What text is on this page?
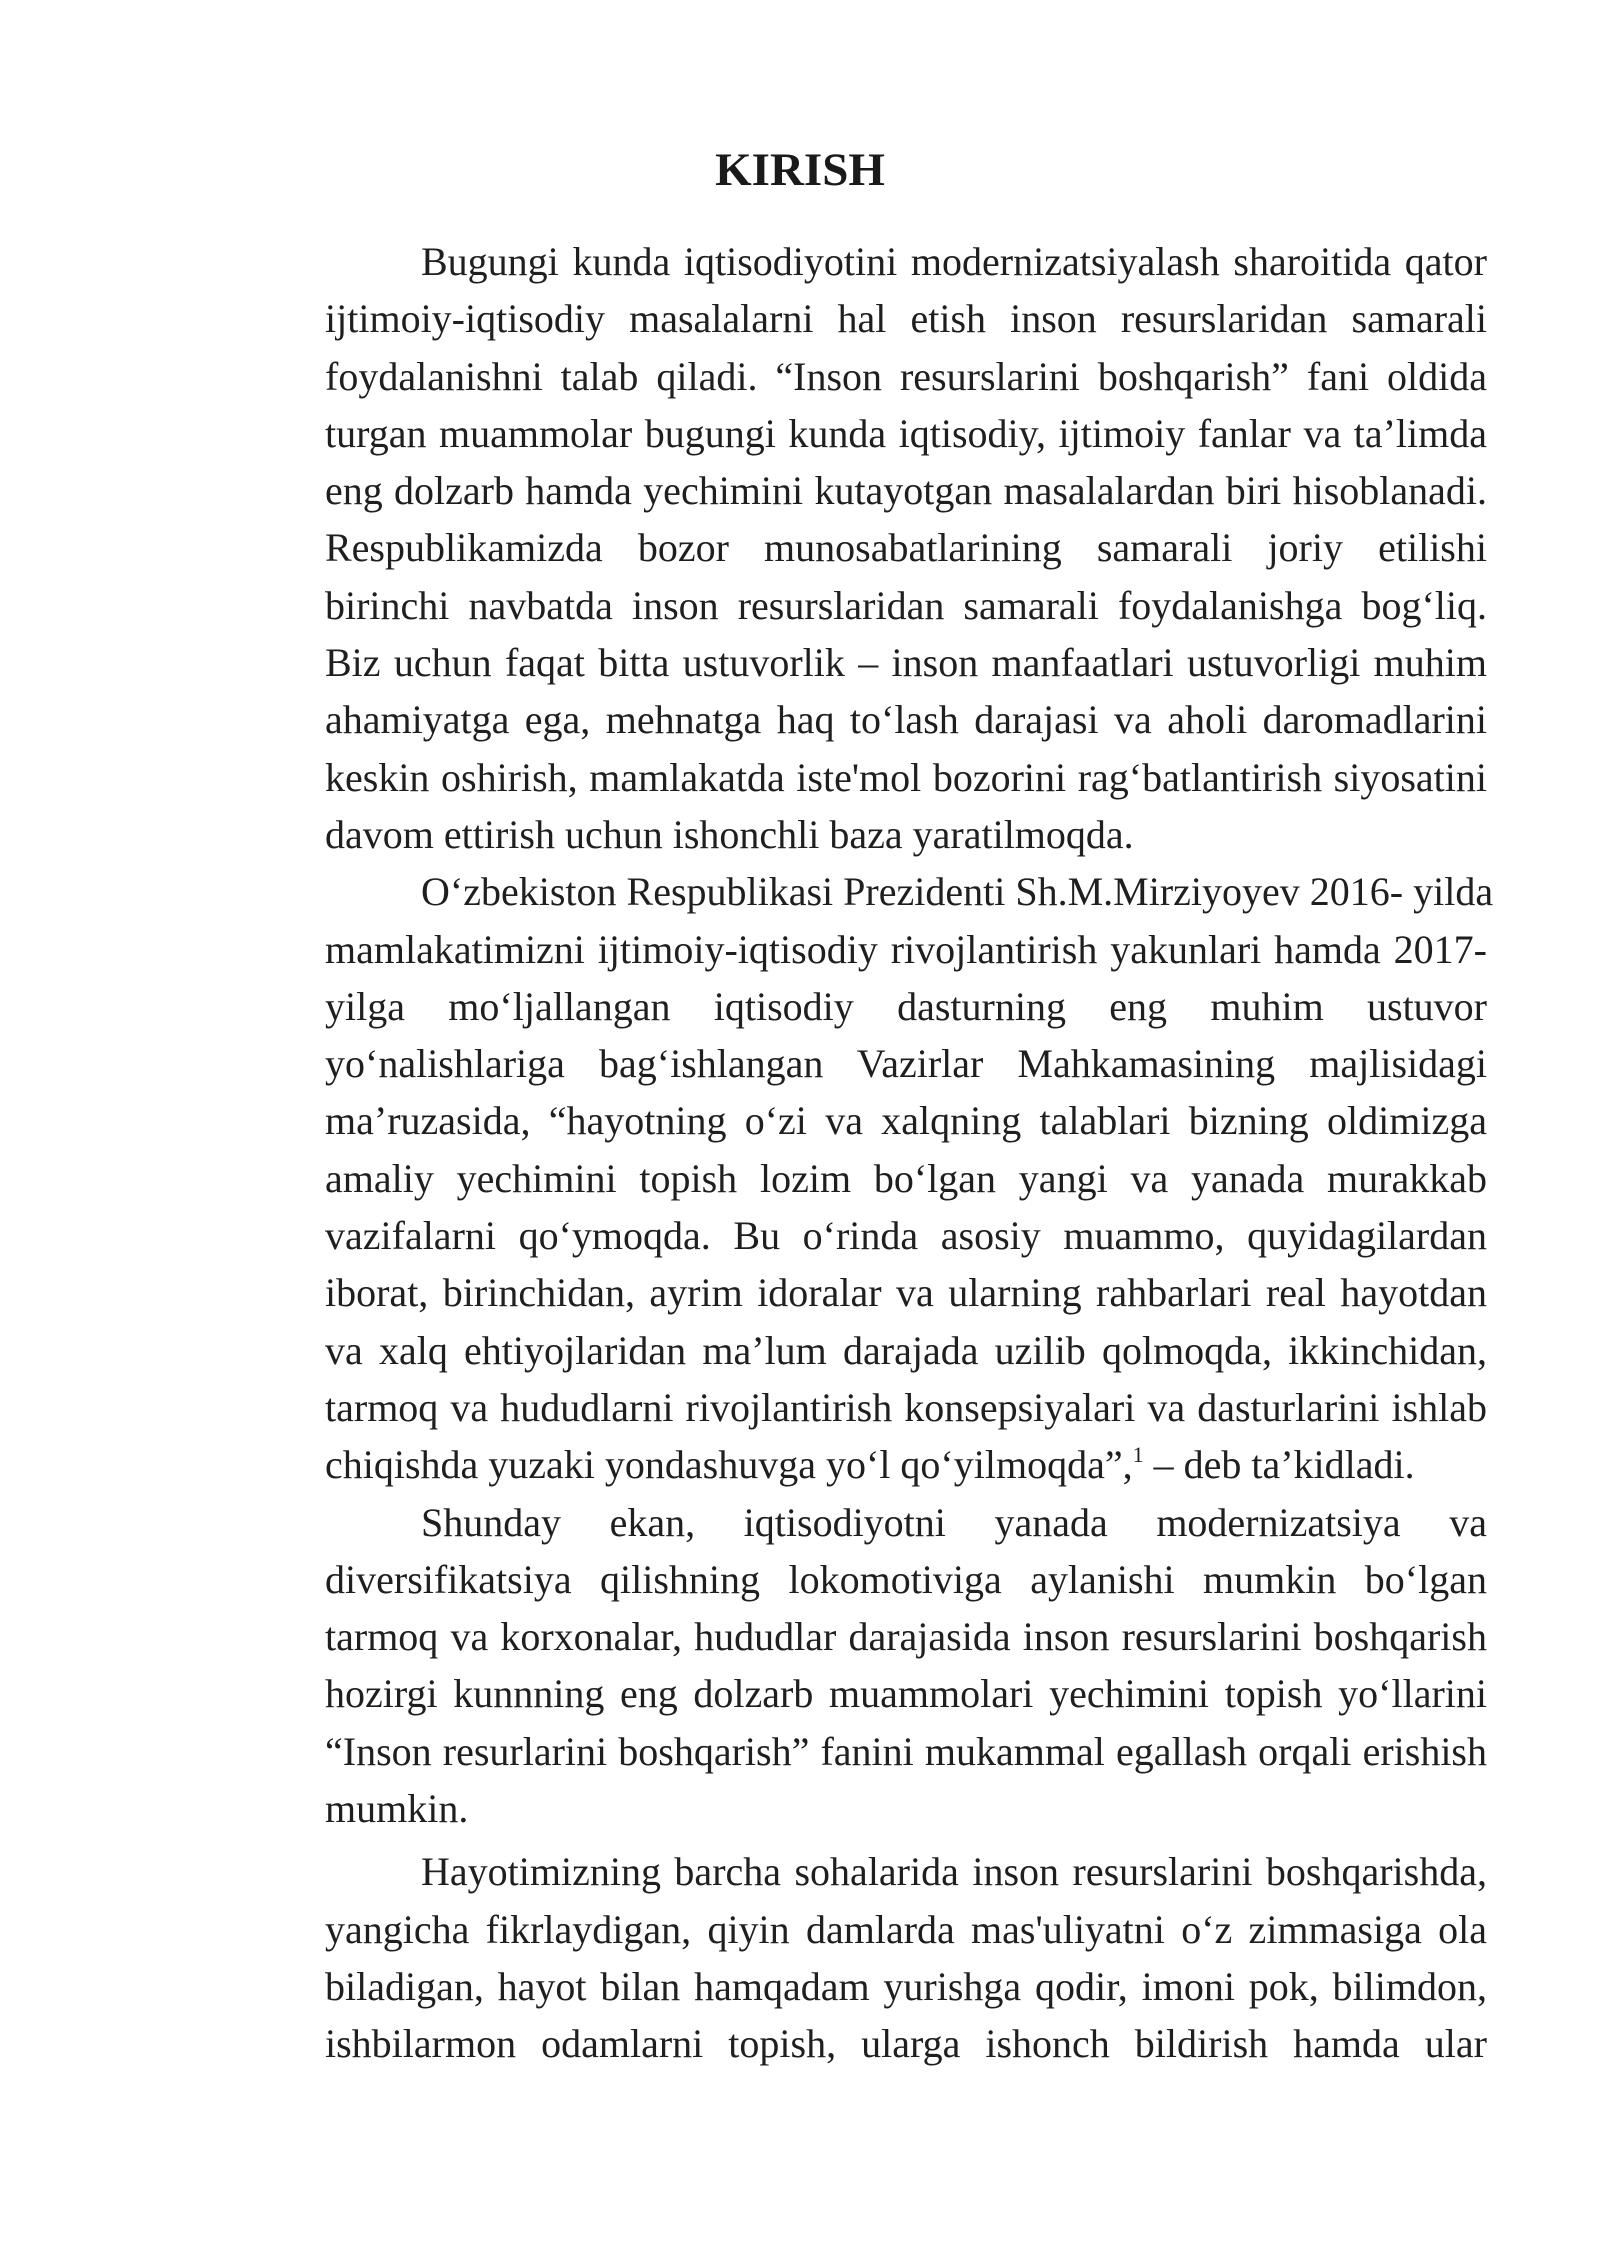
KIRISH
Bugungi kunda iqtisodiyotini modernizatsiyalash sharoitida qator
ijtimoiy-iqtisodiy masalalarni hal etish inson resurslaridan samarali
foydalanishni talab qiladi. “Inson resurslarini boshqarish” fani oldida
turgan muammolar bugungi kunda iqtisodiy, ijtimoiy fanlar va ta’limda
eng dolzarb hamda yechimini kutayotgan masalalardan biri hisoblanadi.
Respublikamizda bozor munosabatlarining samarali joriy etilishi
birinchi navbatda inson resurslaridan samarali foydalanishga bog‘liq.
Biz uchun faqat bitta ustuvorlik – inson manfaatlari ustuvorligi muhim
ahamiyatga ega, mehnatga haq to‘lash darajasi va aholi daromadlarini
keskin oshirish, mamlakatda iste'mol bozorini rag‘batlantirish siyosatini
davom ettirish uchun ishonchli baza yaratilmoqda.
O‘zbekiston Respublikasi Prezidenti Sh.M.Mirziyoyev 2016- yilda
mamlakatimizni ijtimoiy-iqtisodiy rivojlantirish yakunlari hamda 2017-
yilga mo‘ljallangan iqtisodiy dasturning eng muhim ustuvor
yo‘nalishlariga bag‘ishlangan Vazirlar Mahkamasining majlisidagi
ma’ruzasida, “hayotning o‘zi va xalqning talablari bizning oldimizga
amaliy yechimini topish lozim bo‘lgan yangi va yanada murakkab
vazifalarni qo‘ymoqda. Bu o‘rinda asosiy muammo, quyidagilardan
iborat, birinchidan, ayrim idoralar va ularning rahbarlari real hayotdan
va xalq ehtiyojlaridan ma’lum darajada uzilib qolmoqda, ikkinchidan,
tarmoq va hududlarni rivojlantirish konsepsiyalari va dasturlarini ishlab
chiqishda yuzaki yondashuvga yo‘l qo‘yilmoqda”,$^1$ – deb ta’kidladi.
Shunday ekan, iqtisodiyotni yanada modernizatsiya va
diversifikatsiya qilishning lokomotiviga aylanishi mumkin bo‘lgan
tarmoq va korxonalar, hududlar darajasida inson resurslarini boshqarish
hozirgi kunnning eng dolzarb muammolari yechimini topish yo‘llarini
“Inson resurlarini boshqarish” fanini mukammal egallash orqali erishish
mumkin.
Hayotimizning barcha sohalarida inson resurslarini boshqarishda,
yangicha fikrlaydigan, qiyin damlarda mas'uliyatni o‘z zimmasiga ola
biladigan, hayot bilan hamqadam yurishga qodir, imoni pok, bilimdon,
ishbilarmon odamlarni topish, ularga ishonch bildirish hamda ular
